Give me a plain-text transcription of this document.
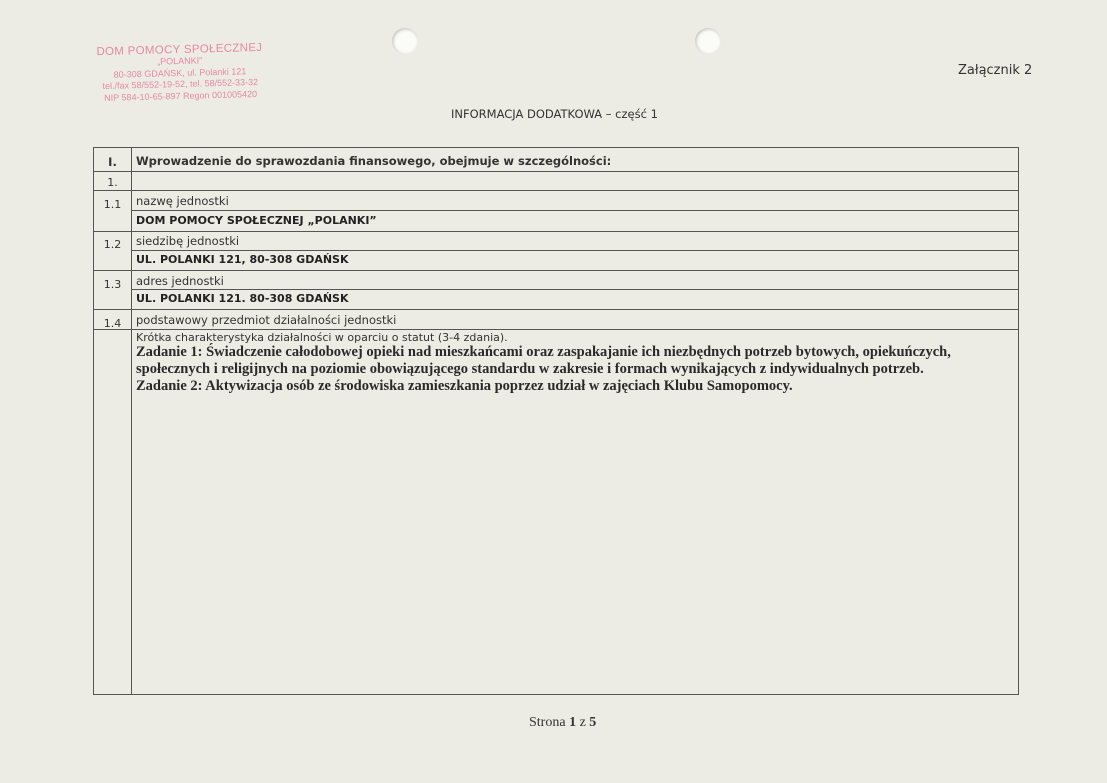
DOM POMOCY SPOŁECZNEJ
„POLANKI”
80-308 GDAŃSK, ul. Polanki 121
tel./fax 58/552-19-52, tel. 58/552-33-32
NIP 584-10-65-897 Regon 001005420
Załącznik 2
INFORMACJA DODATKOWA – część 1
I.	Wprowadzenie do sprawozdania finansowego, obejmuje w szczególności:
1.
1.1	nazwę jednostki
DOM POMOCY SPOŁECZNEJ „POLANKI”
1.2	siedzibę jednostki
UL. POLANKI 121, 80-308 GDAŃSK
1.3	adres jednostki
UL. POLANKI 121. 80-308 GDAŃSK
1.4	podstawowy przedmiot działalności jednostki
Krótka charakterystyka działalności w oparciu o statut (3-4 zdania).

Zadanie 1: Świadczenie całodobowej opieki nad mieszkańcami oraz zaspakajanie ich niezbędnych potrzeb bytowych, opiekuńczych, społecznych i religijnych na poziomie obowiązującego standardu w zakresie i formach wynikających z indywidualnych potrzeb.

Zadanie 2: Aktywizacja osób ze środowiska zamieszkania poprzez udział w zajęciach Klubu Samopomocy.

Strona 1 z 5
